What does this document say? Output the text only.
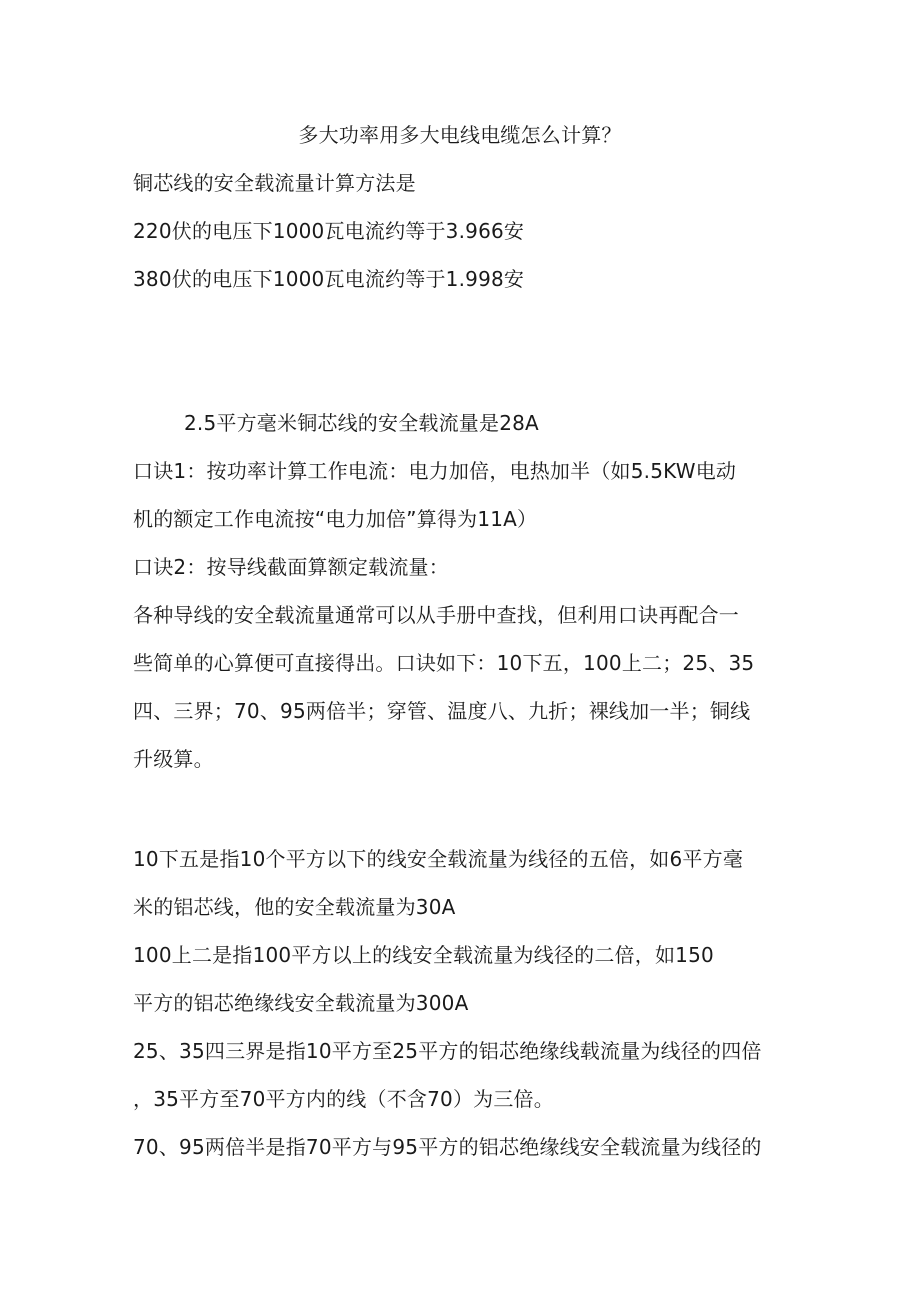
多大功率用多大电线电缆怎么计算？
铜芯线的安全载流量计算方法是
220伏的电压下1000瓦电流约等于3.966安
380伏的电压下1000瓦电流约等于1.998安
2.5平方毫米铜芯线的安全载流量是28A
口诀1：按功率计算工作电流：电力加倍，电热加半（如5.5KW电动
机的额定工作电流按“电力加倍”算得为11A）
口诀2：按导线截面算额定载流量：
各种导线的安全载流量通常可以从手册中查找，但利用口诀再配合一
些简单的心算便可直接得出。口诀如下：10下五，100上二；25、35
四、三界；70、95两倍半；穿管、温度八、九折；裸线加一半；铜线
升级算。
10下五是指10个平方以下的线安全载流量为线径的五倍，如6平方毫
米的铝芯线，他的安全载流量为30A
100上二是指100平方以上的线安全载流量为线径的二倍，如150
平方的铝芯绝缘线安全载流量为300A
25、35四三界是指10平方至25平方的铝芯绝缘线载流量为线径的四倍
，35平方至70平方内的线（不含70）为三倍。
70、95两倍半是指70平方与95平方的铝芯绝缘线安全载流量为线径的
